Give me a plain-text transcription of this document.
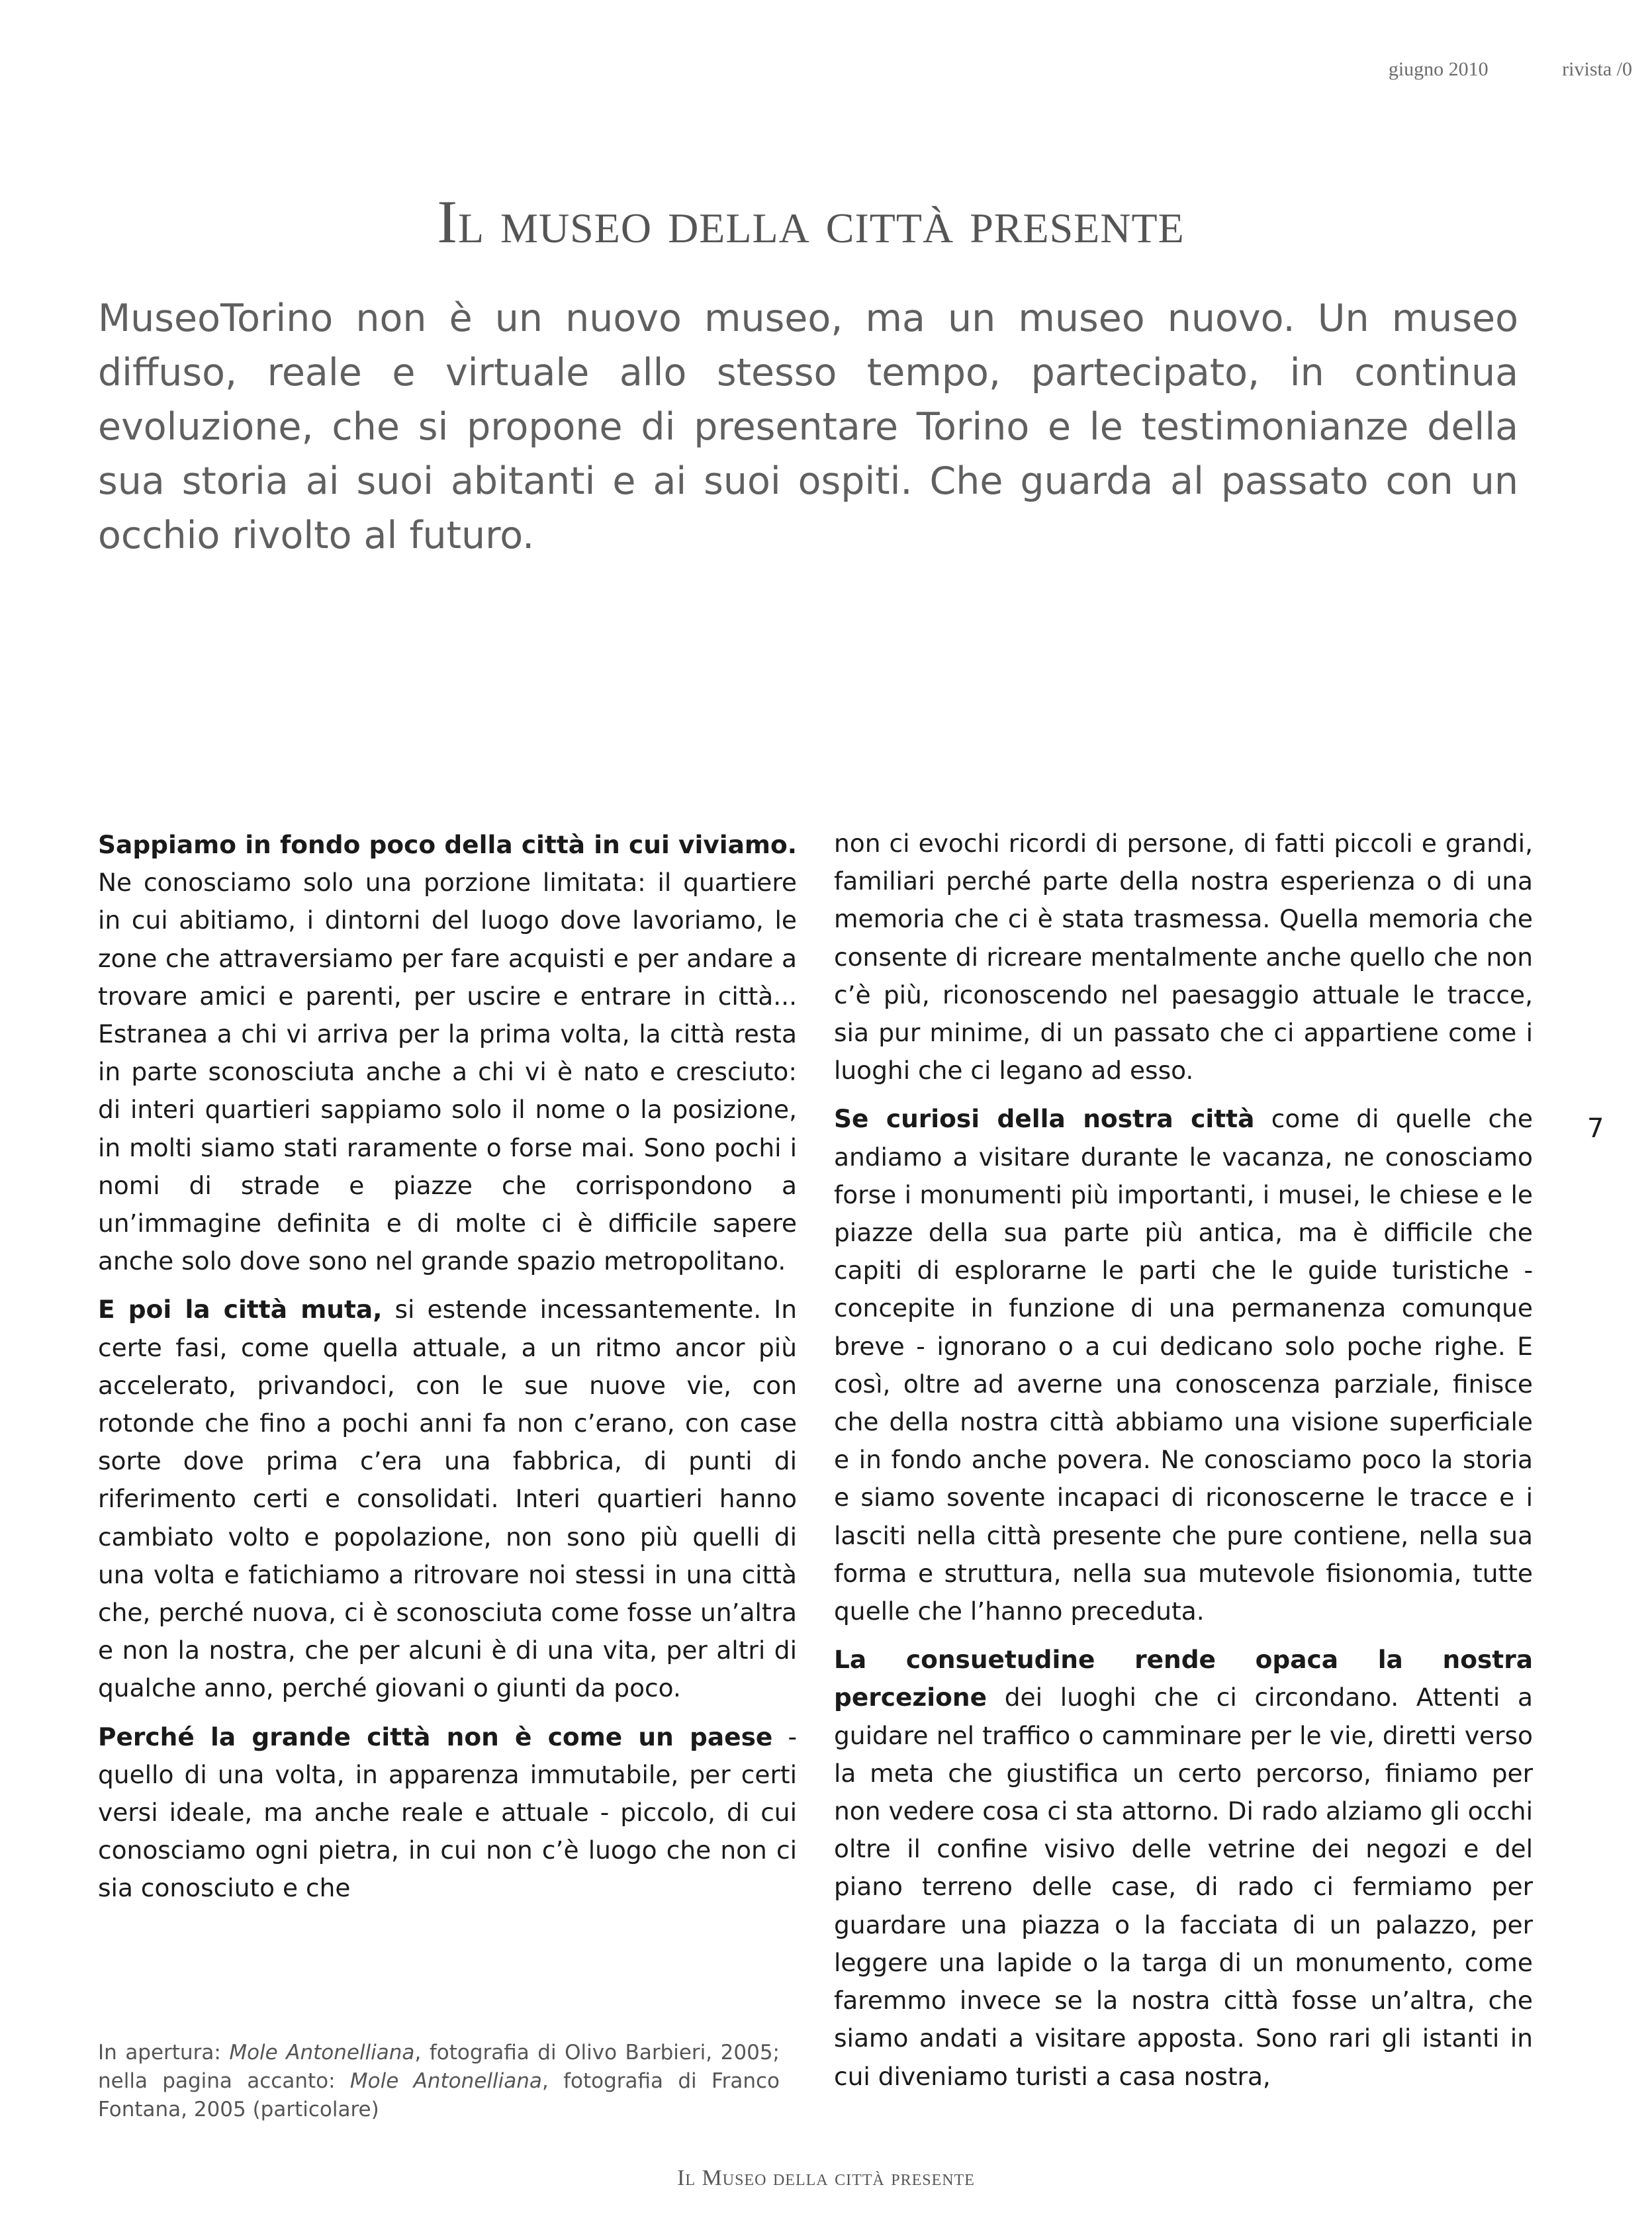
giugno 2010	rivista /0
Il museo della città presente

MuseoTorino non è un nuovo museo, ma un museo nuovo. Un museo diffuso, reale e virtuale allo stesso tempo, partecipato, in continua evoluzione, che si propone di presentare Torino e le testimonianze della sua storia ai suoi abitanti e ai suoi ospiti. Che guarda al passato con un occhio rivolto al futuro.

Sappiamo in fondo poco della città in cui viviamo. Ne conosciamo solo una porzione limitata: il quartiere in cui abitiamo, i dintorni del luogo dove lavoriamo, le zone che attraversiamo per fare acquisti e per andare a trovare amici e parenti, per uscire e entrare in città... Estranea a chi vi arriva per la prima volta, la città resta in parte sconosciuta anche a chi vi è nato e cresciuto: di interi quartieri sappiamo solo il nome o la posizione, in molti siamo stati raramente o forse mai. Sono pochi i nomi di strade e piazze che corrispondono a un’immagine definita e di molte ci è difficile sapere anche solo dove sono nel grande spazio metropolitano.

E poi la città muta, si estende incessantemente. In certe fasi, come quella attuale, a un ritmo ancor più accelerato, privandoci, con le sue nuove vie, con rotonde che fino a pochi anni fa non c’erano, con case sorte dove prima c’era una fabbrica, di punti di riferimento certi e consolidati. Interi quartieri hanno cambiato volto e popolazione, non sono più quelli di una volta e fatichiamo a ritrovare noi stessi in una città che, perché nuova, ci è sconosciuta come fosse un’altra e non la nostra, che per alcuni è di una vita, per altri di qualche anno, perché giovani o giunti da poco.

Perché la grande città non è come un paese - quello di una volta, in apparenza immutabile, per certi versi ideale, ma anche reale e attuale - piccolo, di cui conosciamo ogni pietra, in cui non c’è luogo che non ci sia conosciuto e che

non ci evochi ricordi di persone, di fatti piccoli e grandi, familiari perché parte della nostra esperienza o di una memoria che ci è stata trasmessa. Quella memoria che consente di ricreare mentalmente anche quello che non c’è più, riconoscendo nel paesaggio attuale le tracce, sia pur minime, di un passato che ci appartiene come i luoghi che ci legano ad esso.

Se curiosi della nostra città come di quelle che andiamo a visitare durante le vacanza, ne conosciamo forse i monumenti più importanti, i musei, le chiese e le piazze della sua parte più antica, ma è difficile che capiti di esplorarne le parti che le guide turistiche - concepite in funzione di una permanenza comunque breve - ignorano o a cui dedicano solo poche righe. E così, oltre ad averne una conoscenza parziale, finisce che della nostra città abbiamo una visione superficiale e in fondo anche povera. Ne conosciamo poco la storia e siamo sovente incapaci di riconoscerne le tracce e i lasciti nella città presente che pure contiene, nella sua forma e struttura, nella sua mutevole fisionomia, tutte quelle che l’hanno preceduta.

La consuetudine rende opaca la nostra percezione dei luoghi che ci circondano. Attenti a guidare nel traffico o camminare per le vie, diretti verso la meta che giustifica un certo percorso, finiamo per non vedere cosa ci sta attorno. Di rado alziamo gli occhi oltre il confine visivo delle vetrine dei negozi e del piano terreno delle case, di rado ci fermiamo per guardare una piazza o la facciata di un palazzo, per leggere una lapide o la targa di un monumento, come faremmo invece se la nostra città fosse un’altra, che siamo andati a visitare apposta. Sono rari gli istanti in cui diveniamo turisti a casa nostra,

In apertura: Mole Antonelliana, fotografia di Olivo Barbieri, 2005; nella pagina accanto: Mole Antonelliana, fotografia di Franco Fontana, 2005 (particolare)
7
Il Museo della città presente
